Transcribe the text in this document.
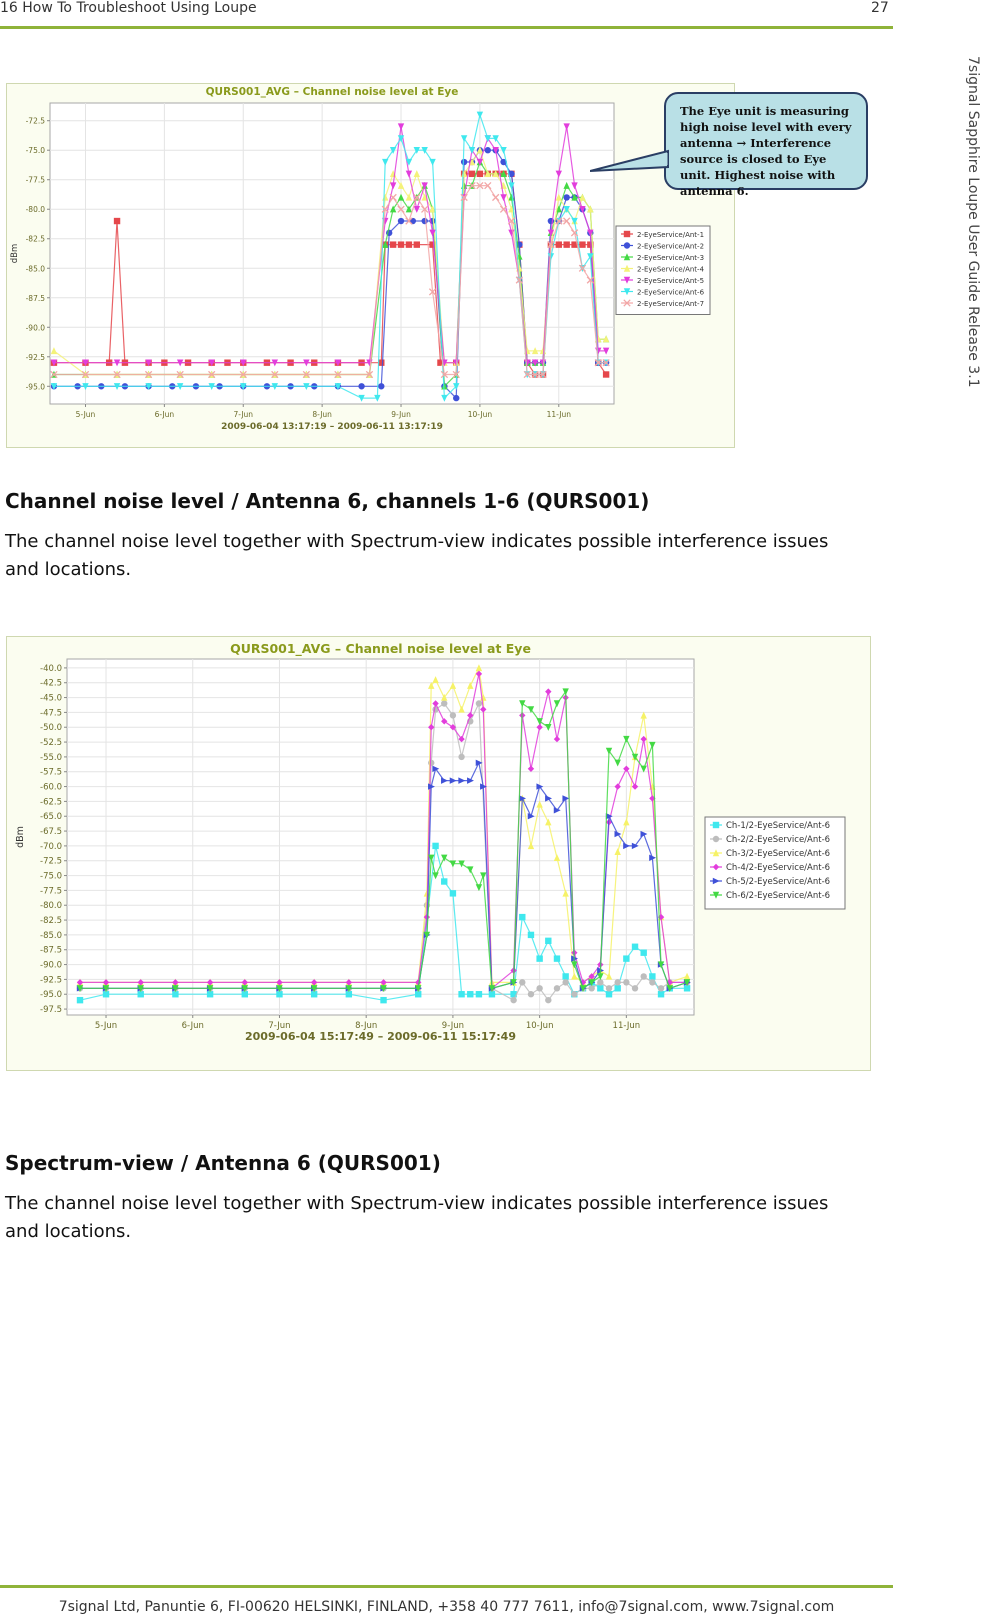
16 How To Troubleshoot Using Loupe	27
7signal Sapphire Loupe User Guide Release 3.1
QURS001_AVG – Channel noise level at Eye
-72.5
-75.0
-77.5
-80.0
-82.5
-85.0
-87.5
-90.0
-92.5
-95.0
5-Jun	6-Jun	7-Jun	8-Jun	9-Jun	10-Jun	11-Jun
2009-06-04 13:17:19 – 2009-06-11 13:17:19
dBm
2-EyeService/Ant-1
2-EyeService/Ant-2
2-EyeService/Ant-3
2-EyeService/Ant-4
2-EyeService/Ant-5
2-EyeService/Ant-6
2-EyeService/Ant-7
The Eye unit is measuring high noise level with every antenna → Interference source is closed to Eye unit. Highest noise with antenna 6.
Channel noise level / Antenna 6, channels 1-6 (QURS001)

The channel noise level together with Spectrum-view indicates possible interference issues and locations.

QURS001_AVG – Channel noise level at Eye
-40.0
-42.5
-45.0
-47.5
-50.0
-52.5
-55.0
-57.5
-60.0
-62.5
-65.0
-67.5
-70.0
-72.5
-75.0
-77.5
-80.0
-82.5
-85.0
-87.5
-90.0
-92.5
-95.0
-97.5
5-Jun	6-Jun	7-Jun	8-Jun	9-Jun	10-Jun	11-Jun
2009-06-04 15:17:49 – 2009-06-11 15:17:49
dBm
Ch-1/2-EyeService/Ant-6
Ch-2/2-EyeService/Ant-6
Ch-3/2-EyeService/Ant-6
Ch-4/2-EyeService/Ant-6
Ch-5/2-EyeService/Ant-6
Ch-6/2-EyeService/Ant-6
Spectrum-view / Antenna 6 (QURS001)

The channel noise level together with Spectrum-view indicates possible interference issues and locations.

7signal Ltd, Panuntie 6, FI-00620 HELSINKI, FINLAND, +358 40 777 7611, info@7signal.com, www.7signal.com
